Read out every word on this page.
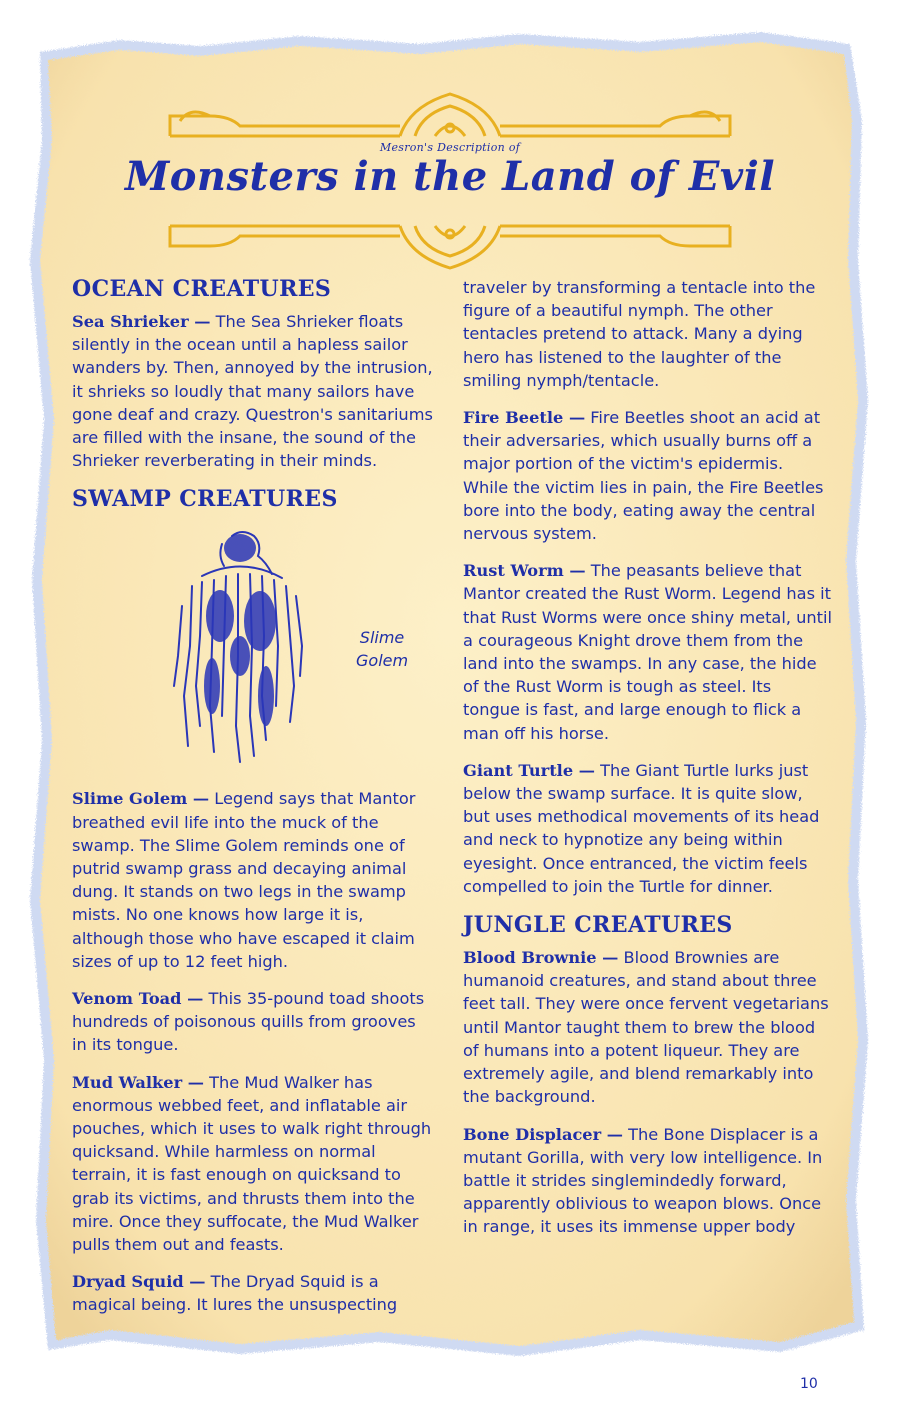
Mesron's Description of
Monsters in the Land of Evil
OCEAN CREATURES

Sea Shrieker — The Sea Shrieker floats silently in the ocean until a hapless sailor wanders by. Then, annoyed by the intrusion, it shrieks so loudly that many sailors have gone deaf and crazy. Questron's sanitariums are filled with the insane, the sound of the Shrieker reverberating in their minds.

SWAMP CREATURES
Slime
Golem

Slime Golem — Legend says that Mantor breathed evil life into the muck of the swamp. The Slime Golem reminds one of putrid swamp grass and decaying animal dung. It stands on two legs in the swamp mists. No one knows how large it is, although those who have escaped it claim sizes of up to 12 feet high.

Venom Toad — This 35-pound toad shoots hundreds of poisonous quills from grooves in its tongue.

Mud Walker — The Mud Walker has enormous webbed feet, and inflatable air pouches, which it uses to walk right through quicksand. While harmless on normal terrain, it is fast enough on quicksand to grab its victims, and thrusts them into the mire. Once they suffocate, the Mud Walker pulls them out and feasts.

Dryad Squid — The Dryad Squid is a magical being. It lures the unsuspecting

traveler by transforming a tentacle into the figure of a beautiful nymph. The other tentacles pretend to attack. Many a dying hero has listened to the laughter of the smiling nymph/tentacle.

Fire Beetle — Fire Beetles shoot an acid at their adversaries, which usually burns off a major portion of the victim's epidermis. While the victim lies in pain, the Fire Beetles bore into the body, eating away the central nervous system.

Rust Worm — The peasants believe that Mantor created the Rust Worm. Legend has it that Rust Worms were once shiny metal, until a courageous Knight drove them from the land into the swamps. In any case, the hide of the Rust Worm is tough as steel. Its tongue is fast, and large enough to flick a man off his horse.

Giant Turtle — The Giant Turtle lurks just below the swamp surface. It is quite slow, but uses methodical movements of its head and neck to hypnotize any being within eyesight. Once entranced, the victim feels compelled to join the Turtle for dinner.

JUNGLE CREATURES

Blood Brownie — Blood Brownies are humanoid creatures, and stand about three feet tall. They were once fervent vegetarians until Mantor taught them to brew the blood of humans into a potent liqueur. They are extremely agile, and blend remarkably into the background.

Bone Displacer — The Bone Displacer is a mutant Gorilla, with very low intelligence. In battle it strides singlemindedly forward, apparently oblivious to weapon blows. Once in range, it uses its immense upper body

10
